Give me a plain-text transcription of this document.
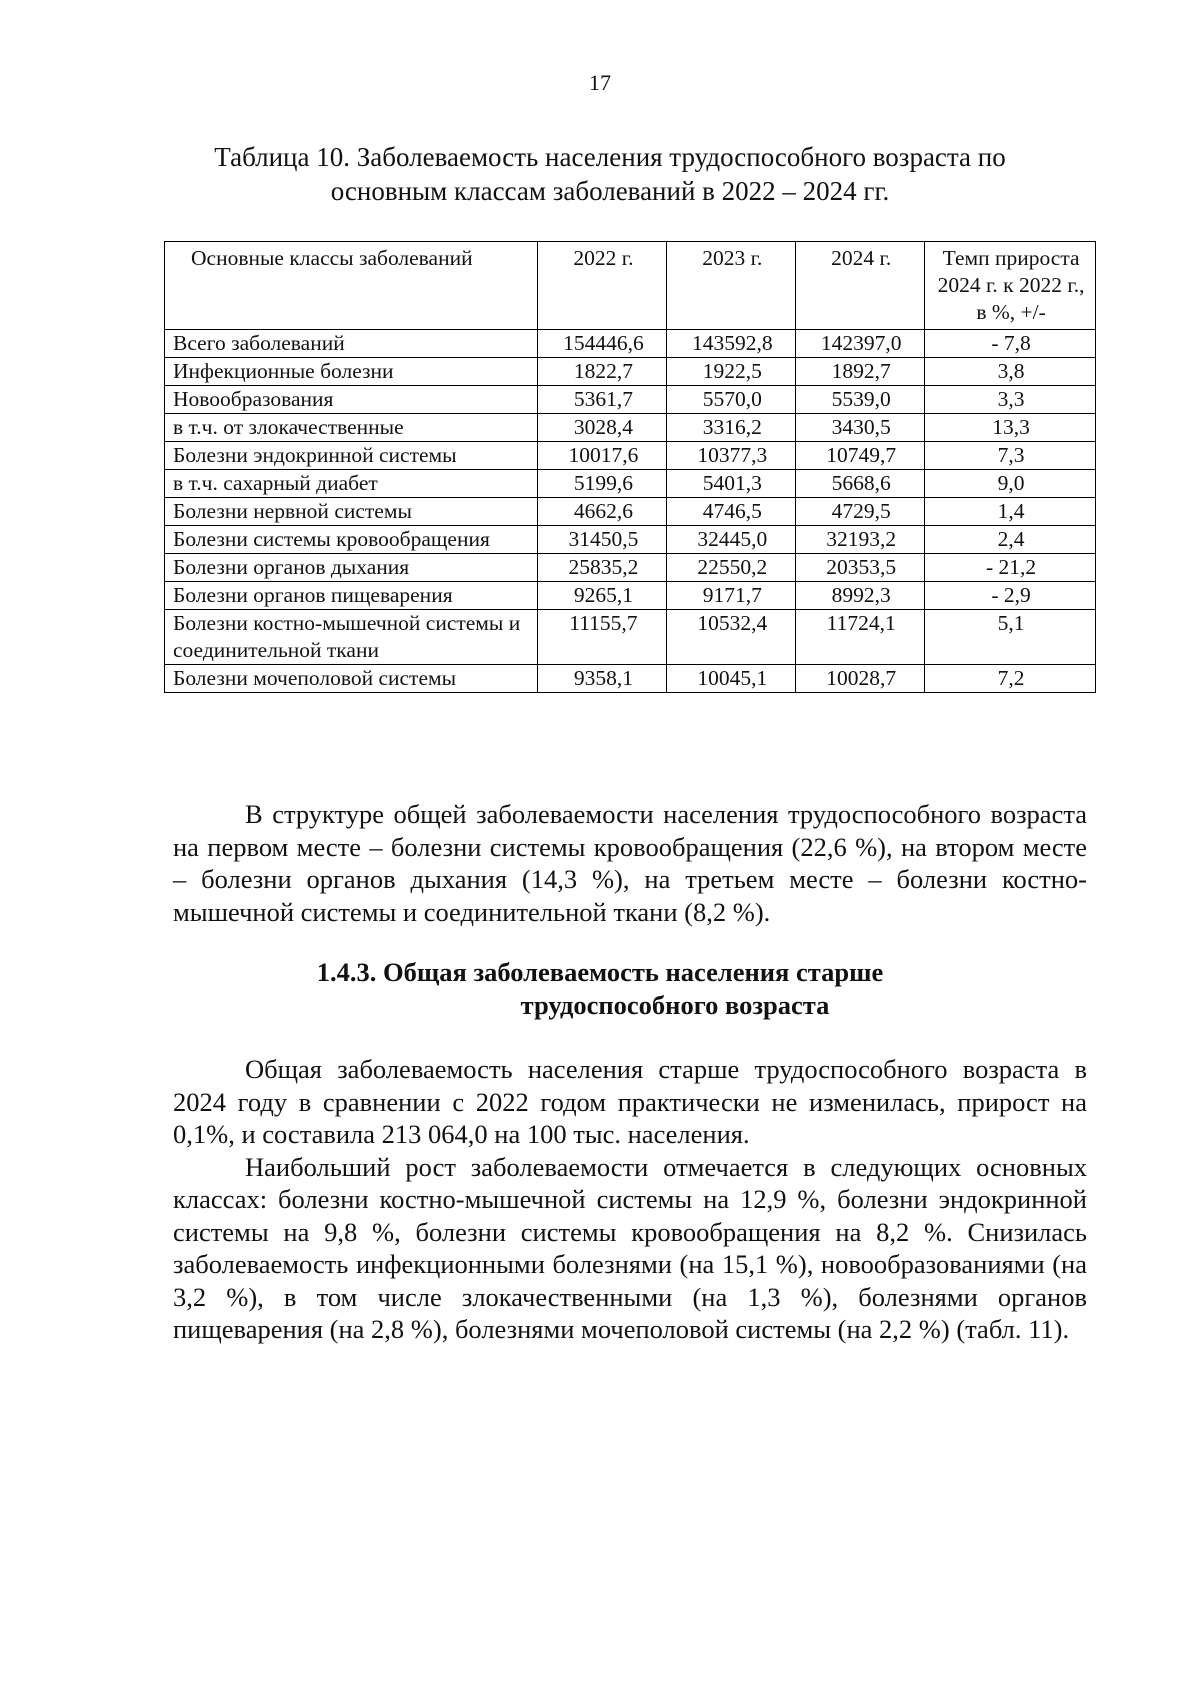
17
Таблица 10. Заболеваемость населения трудоспособного возраста по
основным классам заболеваний в 2022 – 2024 гг.
Основные классы заболеваний	2022 г.	2023 г.	2024 г.	Темп прироста 2024 г. к 2022 г., в %, +/-
Всего заболеваний	154446,6	143592,8	142397,0	- 7,8
Инфекционные болезни	1822,7	1922,5	1892,7	3,8
Новообразования	5361,7	5570,0	5539,0	3,3
в т.ч. от злокачественные	3028,4	3316,2	3430,5	13,3
Болезни эндокринной системы	10017,6	10377,3	10749,7	7,3
в т.ч. сахарный диабет	5199,6	5401,3	5668,6	9,0
Болезни нервной системы	4662,6	4746,5	4729,5	1,4
Болезни системы кровообращения	31450,5	32445,0	32193,2	2,4
Болезни органов дыхания	25835,2	22550,2	20353,5	- 21,2
Болезни органов пищеварения	9265,1	9171,7	8992,3	- 2,9
Болезни костно-мышечной системы и соединительной ткани	11155,7	10532,4	11724,1	5,1
Болезни мочеполовой системы	9358,1	10045,1	10028,7	7,2

В структуре общей заболеваемости населения трудоспособного возраста на первом месте – болезни системы кровообращения (22,6 %), на втором месте – болезни органов дыхания (14,3 %), на третьем месте – болезни костно-мышечной системы и соединительной ткани (8,2 %).

1.4.3. Общая заболеваемость населения старше
трудоспособного возраста

Общая заболеваемость населения старше трудоспособного возраста в 2024 году в сравнении с 2022 годом практически не изменилась, прирост на 0,1%, и составила 213 064,0 на 100 тыс. населения.

Наибольший рост заболеваемости отмечается в следующих основных классах: болезни костно-мышечной системы на 12,9 %, болезни эндокринной системы на 9,8 %, болезни системы кровообращения на 8,2 %. Снизилась заболеваемость инфекционными болезнями (на 15,1 %), новообразованиями (на 3,2 %), в том числе злокачественными (на 1,3 %), болезнями органов пищеварения (на 2,8 %), болезнями мочеполовой системы (на 2,2 %) (табл. 11).
